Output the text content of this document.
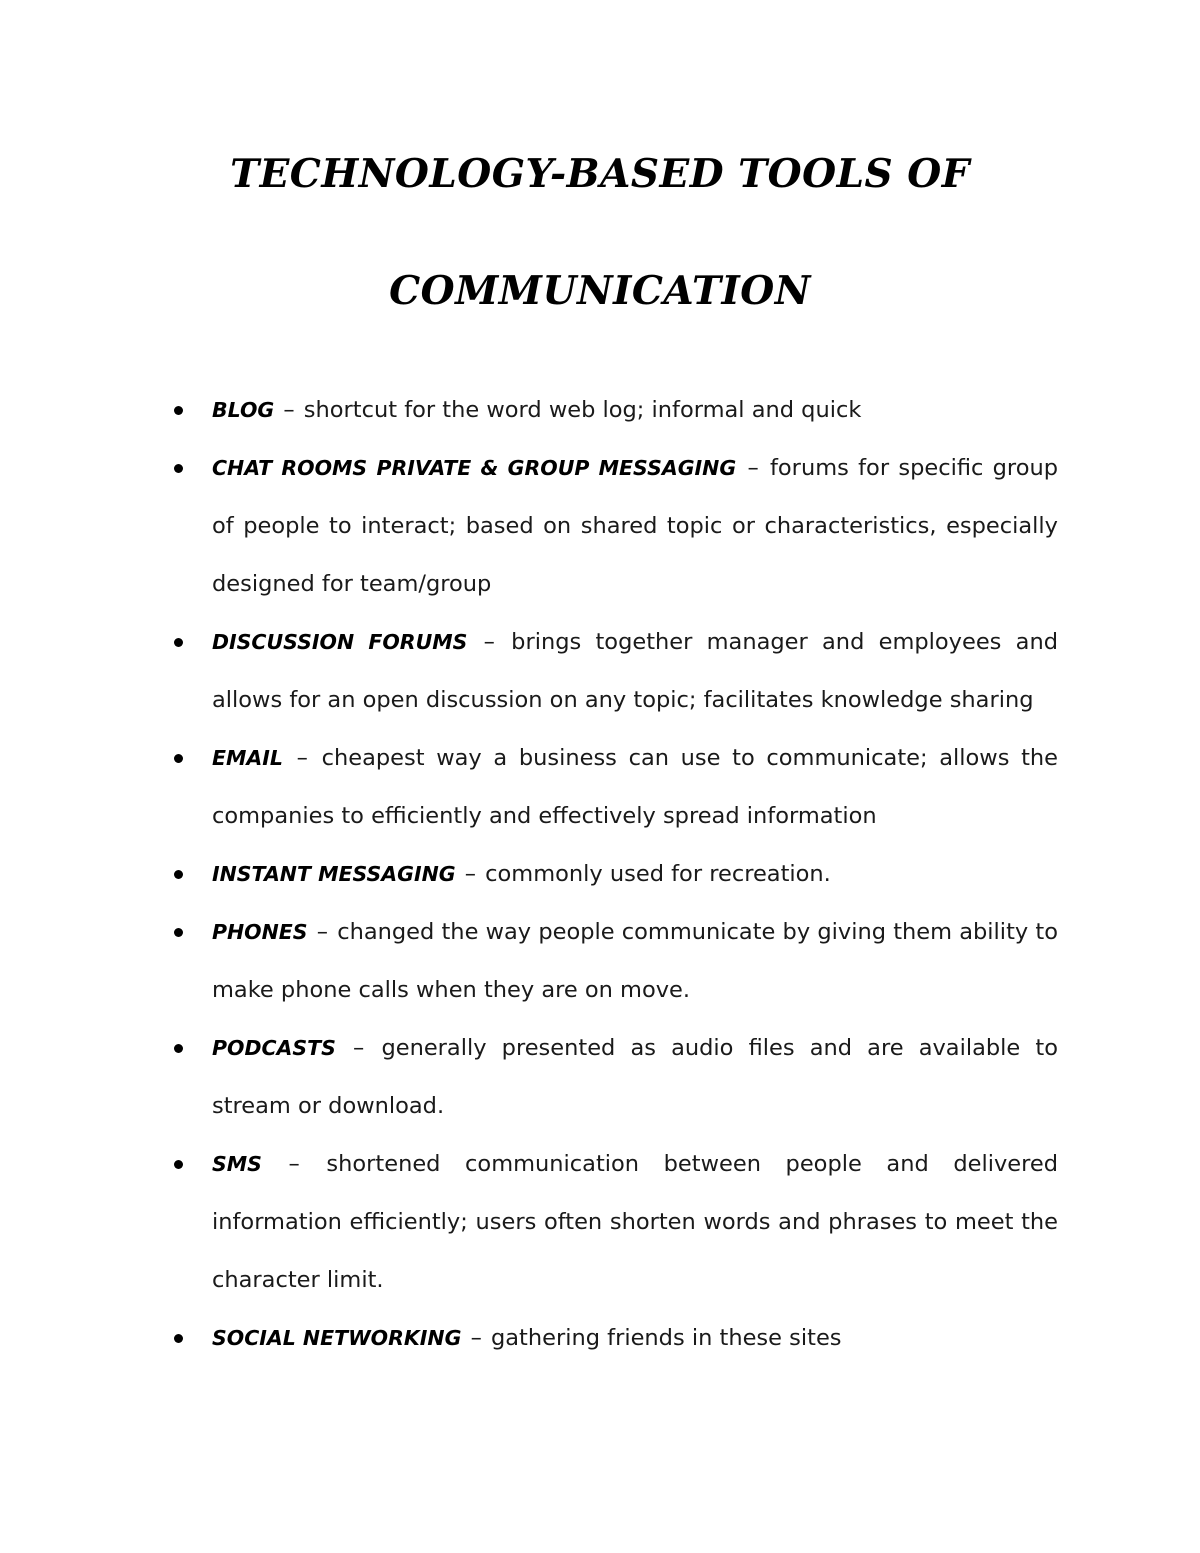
TECHNOLOGY-BASED TOOLS OF
COMMUNICATION
BLOG – shortcut for the word web log; informal and quick
CHAT ROOMS PRIVATE & GROUP MESSAGING – forums for specific group of people to interact; based on shared topic or characteristics, especially designed for team/group
DISCUSSION FORUMS – brings together manager and employees and allows for an open discussion on any topic; facilitates knowledge sharing
EMAIL – cheapest way a business can use to communicate; allows the companies to efficiently and effectively spread information
INSTANT MESSAGING – commonly used for recreation.
PHONES – changed the way people communicate by giving them ability to make phone calls when they are on move.
PODCASTS – generally presented as audio files and are available to stream or download.
SMS – shortened communication between people and delivered information efficiently; users often shorten words and phrases to meet the character limit.
SOCIAL NETWORKING – gathering friends in these sites
